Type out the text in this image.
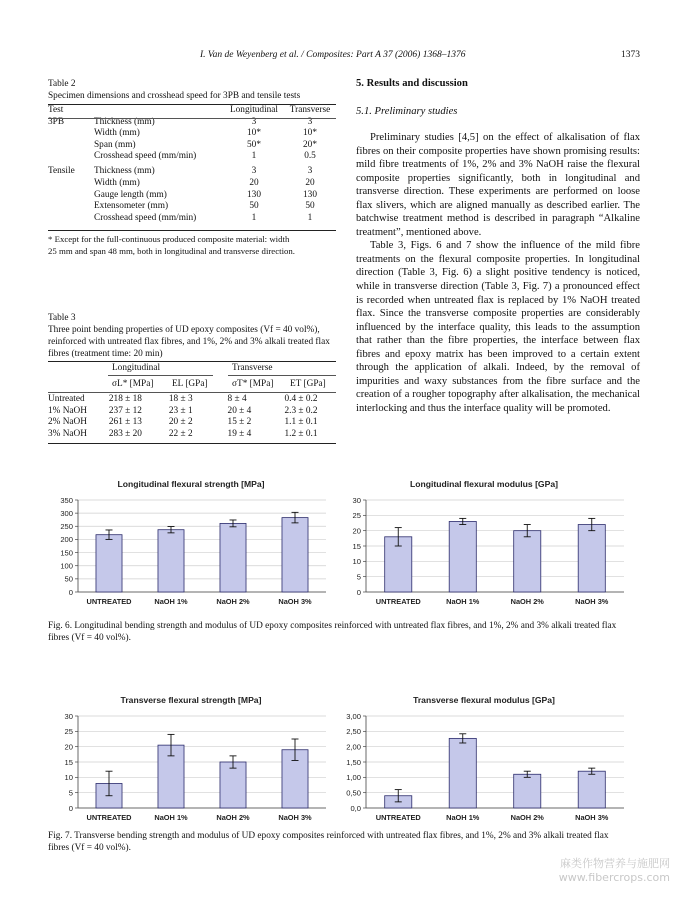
I. Van de Weyenberg et al. / Composites: Part A 37 (2006) 1368–1376	1373
Table 2
Specimen dimensions and crosshead speed for 3PB and tensile tests
Test		Longitudinal	Transverse
3PB	Thickness (mm)	3	3
	Width (mm)	10*	10*
	Span (mm)	50*	20*
	Crosshead speed (mm/min)	1	0.5
Tensile	Thickness (mm)	3	3
	Width (mm)	20	20
	Gauge length (mm)	130	130
	Extensometer (mm)	50	50
	Crosshead speed (mm/min)	1	1
* Except for the full-continuous produced composite material: width
25 mm and span 48 mm, both in longitudinal and transverse direction.
Table 3
Three point bending properties of UD epoxy composites (Vf = 40 vol%),
reinforced with untreated flax fibres, and 1%, 2% and 3% alkali treated flax
fibres (treatment time: 20 min)
Longitudinal	Transverse
σL* [MPa] EL [GPa]	σT* [MPa] ET [GPa]
Untreated	218 ± 18	18 ± 3	8 ± 4	0.4 ± 0.2
1% NaOH	237 ± 12	23 ± 1	20 ± 4	2.3 ± 0.2
2% NaOH	261 ± 13	20 ± 2	15 ± 2	1.1 ± 0.1
3% NaOH	283 ± 20	22 ± 2	19 ± 4	1.2 ± 0.1
5. Results and discussion
5.1. Preliminary studies

Preliminary studies [4,5] on the effect of alkalisation of flax fibres on their composite properties have shown promising results: mild fibre treatments of 1%, 2% and 3% NaOH raise the flexural composite properties significantly, both in longitudinal and transverse direction. These experiments are performed on loose flax slivers, which are aligned manually as described earlier. The batchwise treatment method is described in paragraph “Alkaline treatment”, mentioned above.

Table 3, Figs. 6 and 7 show the influence of the mild fibre treatments on the flexural composite properties. In longitudinal direction (Table 3, Fig. 6) a slight positive tendency is noticed, while in transverse direction (Table 3, Fig. 7) a pronounced effect is recorded when untreated flax is replaced by 1% NaOH treated flax. Since the transverse composite properties are considerably influenced by the interface quality, this leads to the assumption that rather than the fibre properties, the interface between flax fibres and epoxy matrix has been improved to a certain extent through the application of alkali. Indeed, by the removal of impurities and waxy substances from the fibre surface and the creation of a rougher topography after alkalisation, the mechanical interlocking and thus the interface quality will be promoted.

Longitudinal flexural strength [MPa]
0
50
100
150
200
250
300
350
UNTREATED	NaOH 1%	NaOH 2%	NaOH 3%
Longitudinal flexural modulus [GPa]
0
5
10
15
20
25
30
UNTREATED	NaOH 1%	NaOH 2%	NaOH 3%
Fig. 6. Longitudinal bending strength and modulus of UD epoxy composites reinforced with untreated flax fibres, and 1%, 2% and 3% alkali treated flax
fibres (Vf = 40 vol%).
Transverse flexural strength [MPa]
0
5
10
15
20
25
30
UNTREATED	NaOH 1%	NaOH 2%	NaOH 3%
Transverse flexural modulus [GPa]
0,0
0,50
1,00
1,50
2,00
2,50
3,00
UNTREATED	NaOH 1%	NaOH 2%	NaOH 3%
Fig. 7. Transverse bending strength and modulus of UD epoxy composites reinforced with untreated flax fibres, and 1%, 2% and 3% alkali treated flax
fibres (Vf = 40 vol%).
麻类作物营养与施肥网
www.fibercrops.com
